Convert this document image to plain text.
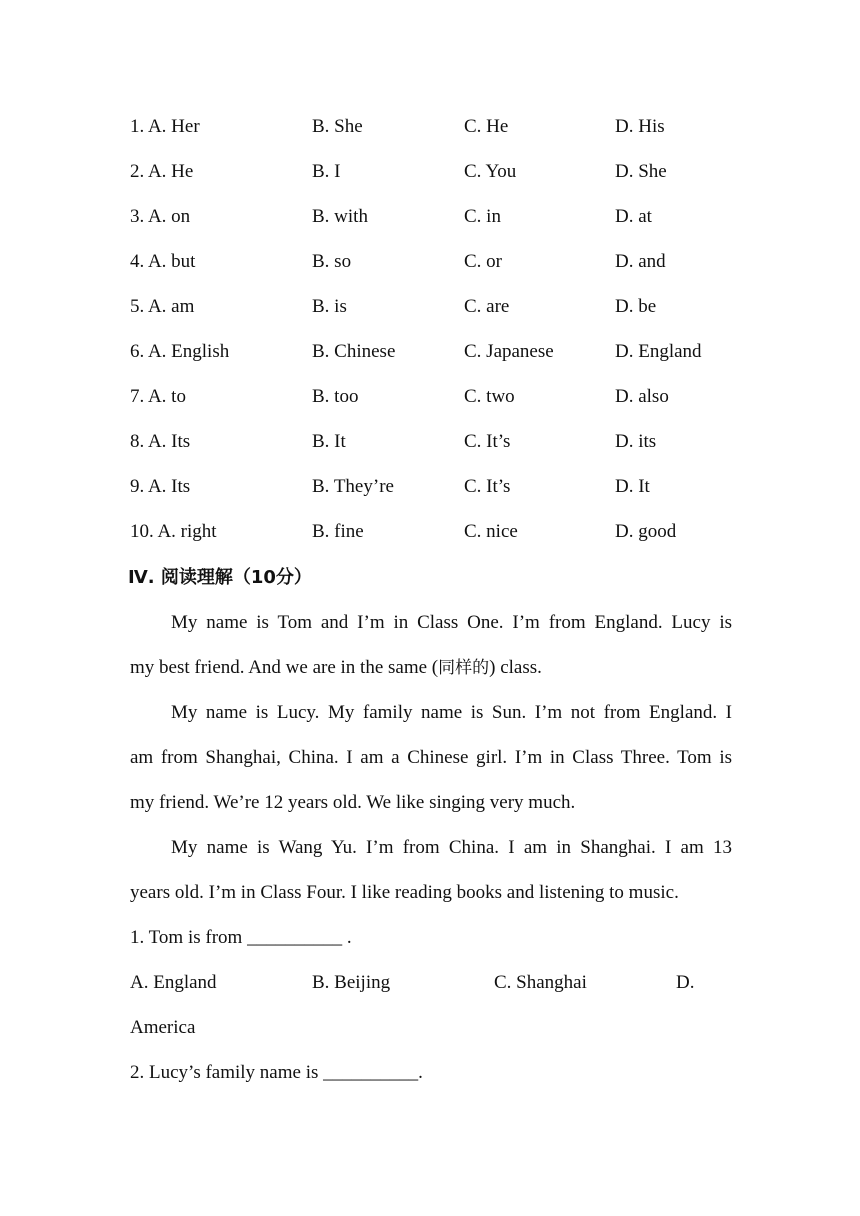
1. A. Her	B. She	C. He	D. His
2. A. He	B. I	C. You	D. She
3. A. on	B. with	C. in	D. at
4. A. but	B. so	C. or	D. and
5. A. am	B. is	C. are	D. be
6. A. English	B. Chinese	C. Japanese	D. England
7. A. to	B. too	C. two	D. also
8. A. Its	B. It	C. It’s	D. its
9. A. Its	B. They’re	C. It’s	D. It
10. A. right	B. fine	C. nice	D. good
Ⅳ. 阅读理解（10分）
My name is Tom and I’m in Class One. I’m from England. Lucy is
my best friend. And we are in the same (同样的) class.
My name is Lucy. My family name is Sun. I’m not from England. I
am from Shanghai, China. I am a Chinese girl. I’m in Class Three. Tom is
my friend. We’re 12 years old. We like singing very much.
My name is Wang Yu. I’m from China. I am in Shanghai. I am 13
years old. I’m in Class Four. I like reading books and listening to music.
1. Tom is from __________ .
A. England	B. Beijing	C. Shanghai	D.
America
2. Lucy’s family name is __________.
